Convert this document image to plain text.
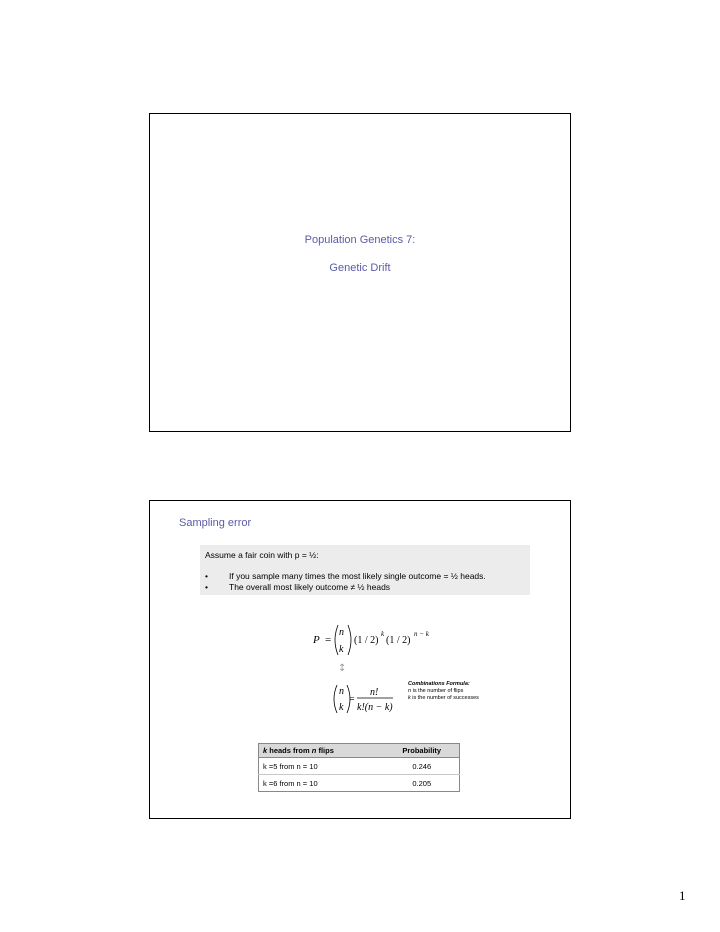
Population Genetics 7:
Genetic Drift
Sampling error
Assume a fair coin with p = ½:
• If you sample many times the most likely single outcome = ½ heads.
• The overall most likely outcome ≠ ½ heads
P =
n
k
(1 / 2)
k
(1 / 2)
n − k
↕
n
k
=
n!
k!(n − k)
Combinations Formula:
n is the number of flips
k is the number of successes
k heads from n flips	Probability
k =5 from n = 10	0.246
k =6 from n = 10	0.205
1
